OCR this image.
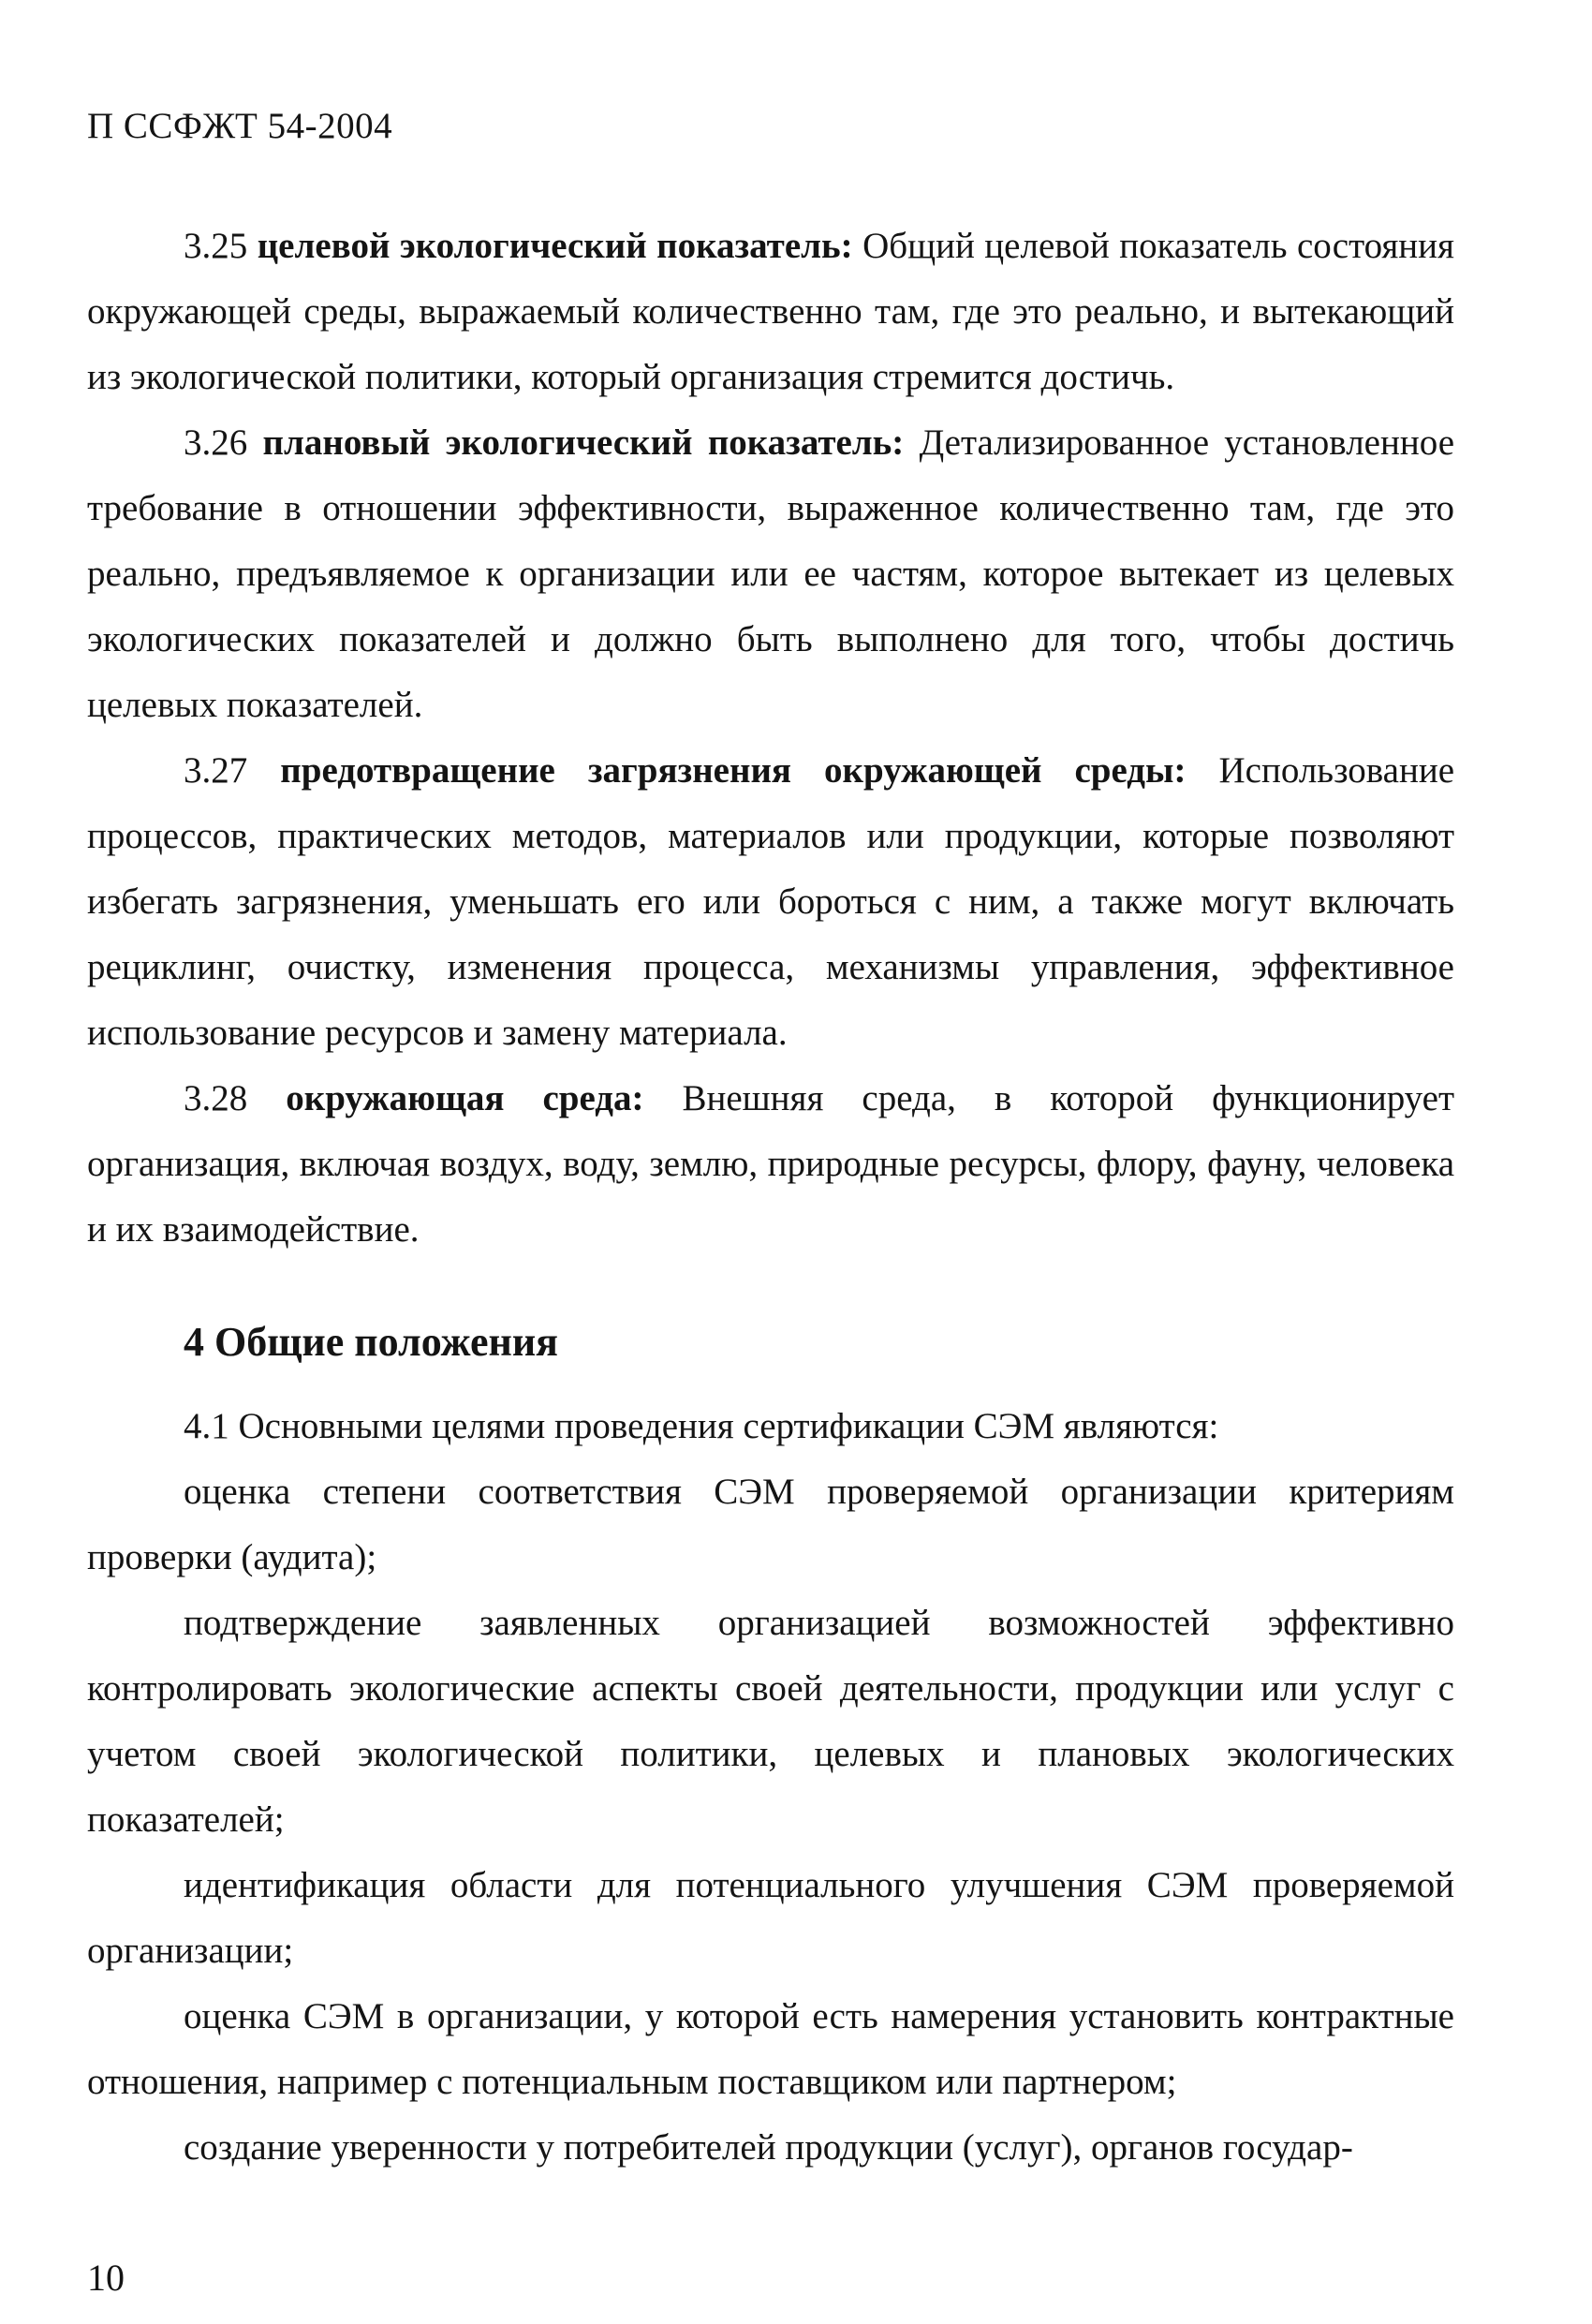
П ССФЖТ 54-2004

3.25 целевой экологический показатель: Общий целевой показатель состояния окружающей среды, выражаемый количественно там, где это реально, и вытекающий из экологической политики, который организация стремится достичь.

3.26 плановый экологический показатель: Детализированное установленное требование в отношении эффективности, выраженное количественно там, где это реально, предъявляемое к организации или ее частям, которое вытекает из целевых экологических показателей и должно быть выполнено для того, чтобы достичь целевых показателей.

3.27 предотвращение загрязнения окружающей среды: Использование процессов, практических методов, материалов или продукции, которые позволяют избегать загрязнения, уменьшать его или бороться с ним, а также могут включать рециклинг, очистку, изменения процесса, механизмы управления, эффективное использование ресурсов и замену материала.

3.28 окружающая среда: Внешняя среда, в которой функционирует организация, включая воздух, воду, землю, природные ресурсы, флору, фауну, человека и их взаимодействие.

4 Общие положения

4.1 Основными целями проведения сертификации СЭМ являются:

оценка степени соответствия СЭМ проверяемой организации критериям проверки (аудита);

подтверждение заявленных организацией возможностей эффективно контролировать экологические аспекты своей деятельности, продукции или услуг с учетом своей экологической политики, целевых и плановых экологических показателей;

идентификация области для потенциального улучшения СЭМ проверяемой организации;

оценка СЭМ в организации, у которой есть намерения установить контрактные отношения, например с потенциальным поставщиком или партнером;

создание уверенности у потребителей продукции (услуг), органов государ-

10
